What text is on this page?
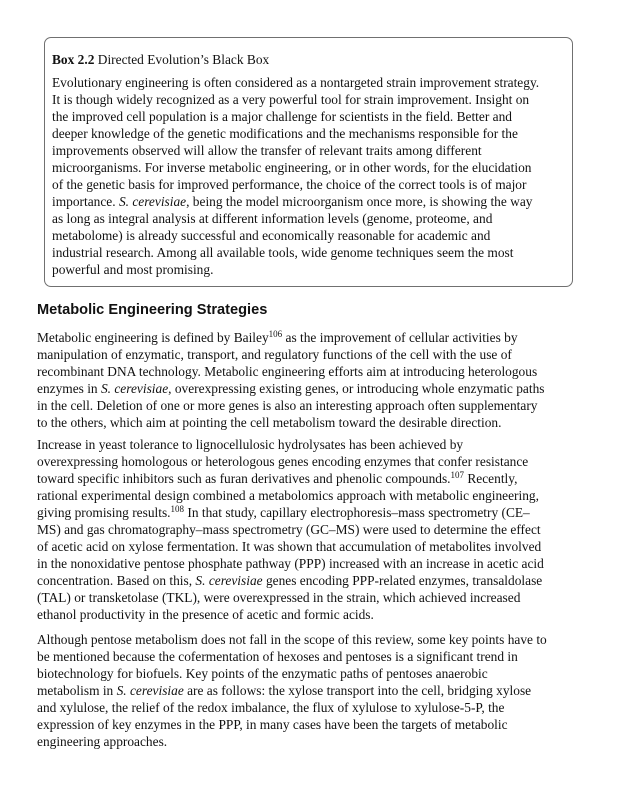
Box 2.2 Directed Evolution’s Black Box

Evolutionary engineering is often considered as a nontargeted strain improvement strategy.
It is though widely recognized as a very powerful tool for strain improvement. Insight on
the improved cell population is a major challenge for scientists in the field. Better and
deeper knowledge of the genetic modifications and the mechanisms responsible for the
improvements observed will allow the transfer of relevant traits among different
microorganisms. For inverse metabolic engineering, or in other words, for the elucidation
of the genetic basis for improved performance, the choice of the correct tools is of major
importance. S. cerevisiae, being the model microorganism once more, is showing the way
as long as integral analysis at different information levels (genome, proteome, and
metabolome) is already successful and economically reasonable for academic and
industrial research. Among all available tools, wide genome techniques seem the most
powerful and most promising.

Metabolic Engineering Strategies

Metabolic engineering is defined by Bailey$^{106}$ as the improvement of cellular activities by
manipulation of enzymatic, transport, and regulatory functions of the cell with the use of
recombinant DNA technology. Metabolic engineering efforts aim at introducing heterologous
enzymes in S. cerevisiae, overexpressing existing genes, or introducing whole enzymatic paths
in the cell. Deletion of one or more genes is also an interesting approach often supplementary
to the others, which aim at pointing the cell metabolism toward the desirable direction.

Increase in yeast tolerance to lignocellulosic hydrolysates has been achieved by
overexpressing homologous or heterologous genes encoding enzymes that confer resistance
toward specific inhibitors such as furan derivatives and phenolic compounds.$^{107}$ Recently,
rational experimental design combined a metabolomics approach with metabolic engineering,
giving promising results.$^{108}$ In that study, capillary electrophoresis–mass spectrometry (CE–
MS) and gas chromatography–mass spectrometry (GC–MS) were used to determine the effect
of acetic acid on xylose fermentation. It was shown that accumulation of metabolites involved
in the nonoxidative pentose phosphate pathway (PPP) increased with an increase in acetic acid
concentration. Based on this, S. cerevisiae genes encoding PPP-related enzymes, transaldolase
(TAL) or transketolase (TKL), were overexpressed in the strain, which achieved increased
ethanol productivity in the presence of acetic and formic acids.

Although pentose metabolism does not fall in the scope of this review, some key points have to
be mentioned because the cofermentation of hexoses and pentoses is a significant trend in
biotechnology for biofuels. Key points of the enzymatic paths of pentoses anaerobic
metabolism in S. cerevisiae are as follows: the xylose transport into the cell, bridging xylose
and xylulose, the relief of the redox imbalance, the flux of xylulose to xylulose-5-P, the
expression of key enzymes in the PPP, in many cases have been the targets of metabolic
engineering approaches.
